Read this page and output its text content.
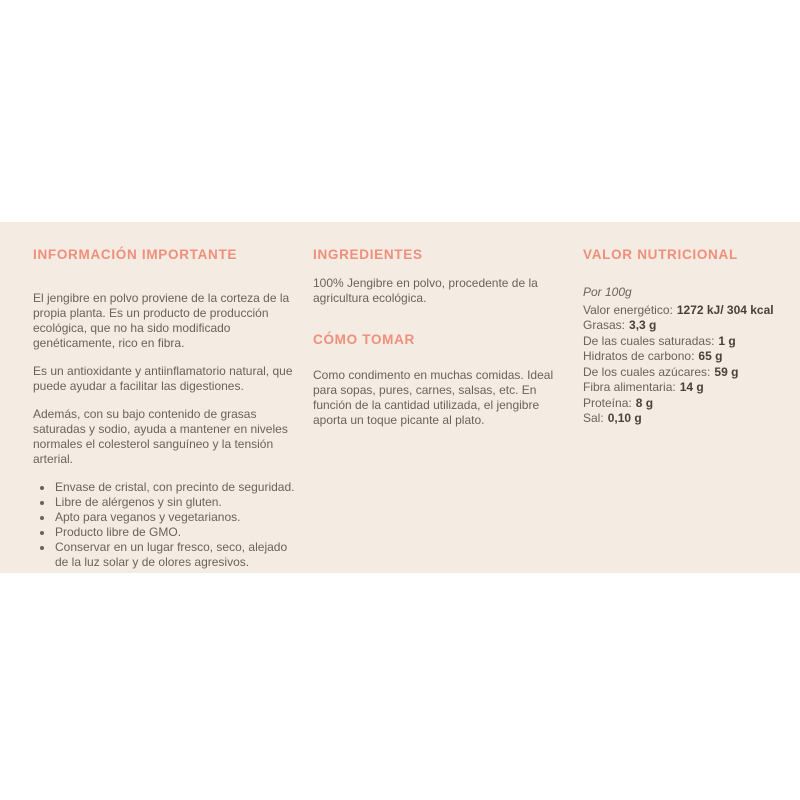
INFORMACIÓN IMPORTANTE

El jengibre en polvo proviene de la corteza de la propia planta. Es un producto de producción ecológica, que no ha sido modificado genéticamente, rico en fibra.

Es un antioxidante y antiinflamatorio natural, que puede ayudar a facilitar las digestiones.

Además, con su bajo contenido de grasas saturadas y sodio, ayuda a mantener en niveles normales el colesterol sanguíneo y la tensión arterial.

• Envase de cristal, con precinto de seguridad.
• Libre de alérgenos y sin gluten.
• Apto para veganos y vegetarianos.
• Producto libre de GMO.
• Conservar en un lugar fresco, seco, alejado de la luz solar y de olores agresivos.
INGREDIENTES

100% Jengibre en polvo, procedente de la agricultura ecológica.

CÓMO TOMAR

Como condimento en muchas comidas. Ideal para sopas, pures, carnes, salsas, etc. En función de la cantidad utilizada, el jengibre aporta un toque picante al plato.

VALOR NUTRICIONAL
Por 100g
Valor energético: 1272 kJ/ 304 kcal
Grasas: 3,3 g
De las cuales saturadas: 1 g
Hidratos de carbono: 65 g
De los cuales azúcares: 59 g
Fibra alimentaria: 14 g
Proteína: 8 g
Sal: 0,10 g
